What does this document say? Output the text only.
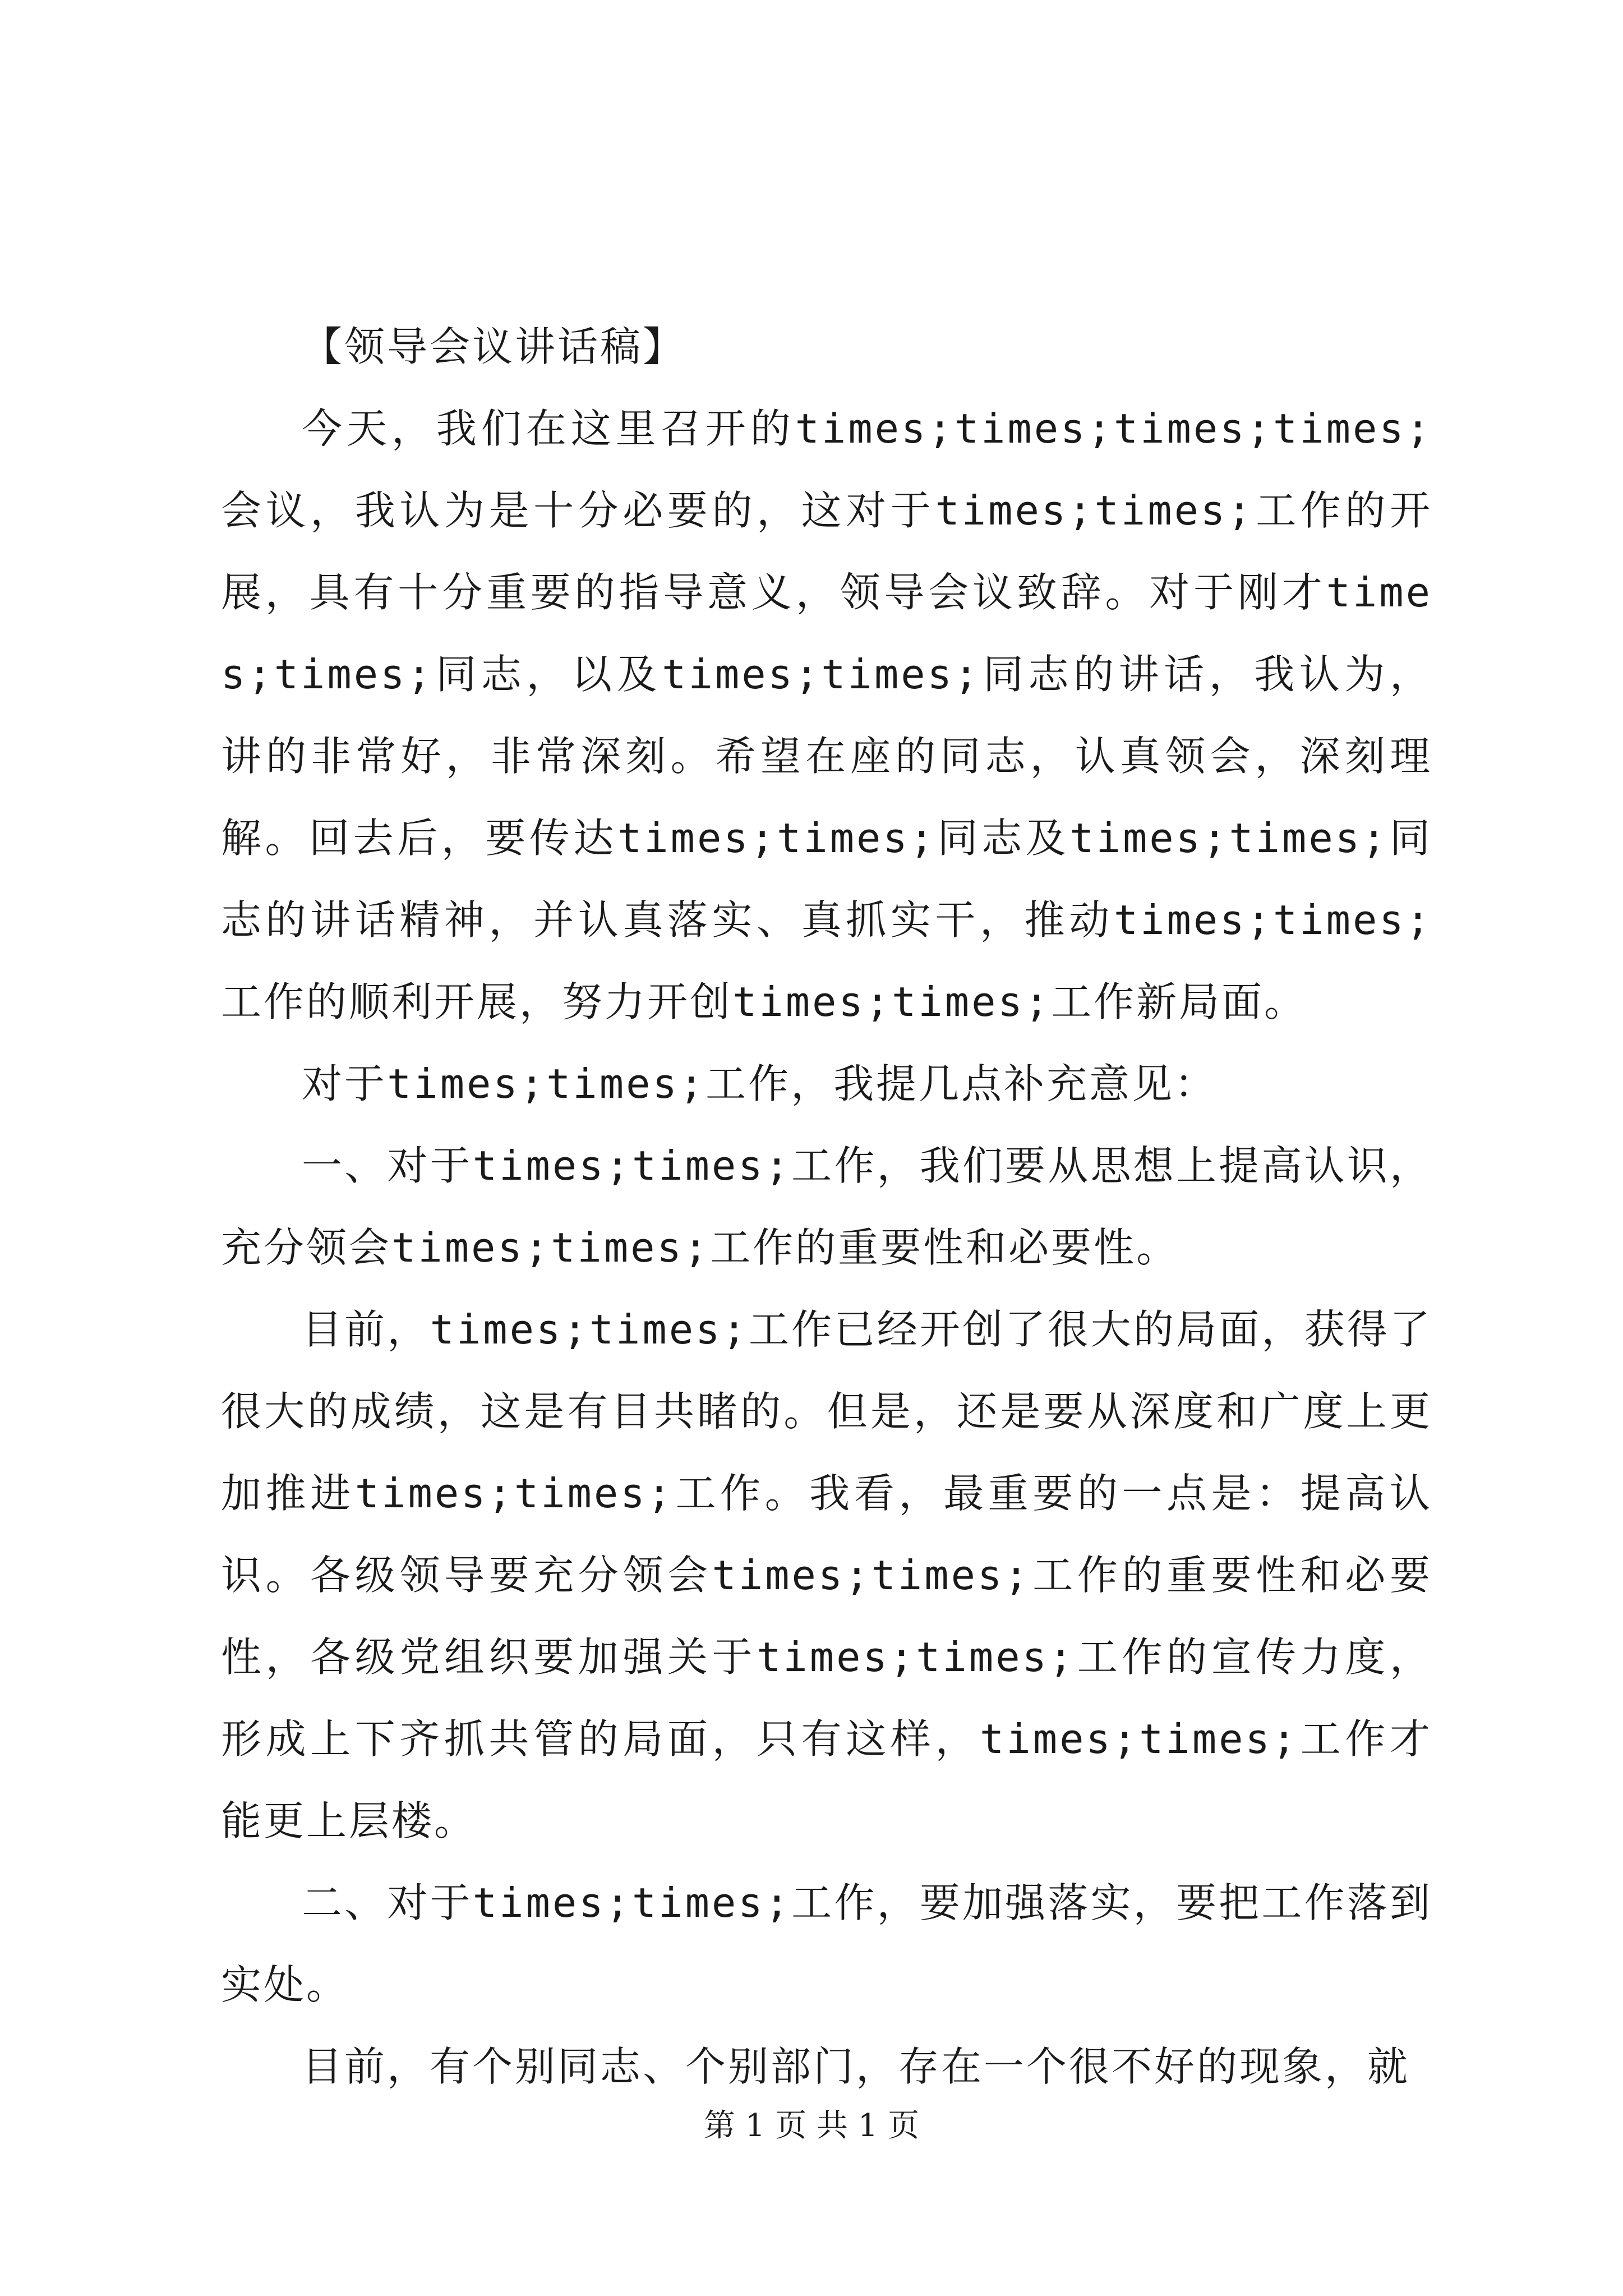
【领导会议讲话稿】

今天，我们在这里召开的times;times;times;times;会议，我认为是十分必要的，这对于times;times;工作的开展，具有十分重要的指导意义，领导会议致辞。对于刚才times;times;同志，以及times;times;同志的讲话，我认为，讲的非常好，非常深刻。希望在座的同志，认真领会，深刻理解。回去后，要传达times;times;同志及times;times;同志的讲话精神，并认真落实、真抓实干，推动times;times;工作的顺利开展，努力开创times;times;工作新局面。

对于times;times;工作，我提几点补充意见：

一、对于times;times;工作，我们要从思想上提高认识，充分领会times;times;工作的重要性和必要性。

目前，times;times;工作已经开创了很大的局面，获得了很大的成绩，这是有目共睹的。但是，还是要从深度和广度上更加推进times;times;工作。我看，最重要的一点是：提高认识。各级领导要充分领会times;times;工作的重要性和必要性，各级党组织要加强关于times;times;工作的宣传力度，形成上下齐抓共管的局面，只有这样，times;times;工作才能更上层楼。

二、对于times;times;工作，要加强落实，要把工作落到实处。

目前，有个别同志、个别部门，存在一个很不好的现象，就

第 1 页 共 1 页
